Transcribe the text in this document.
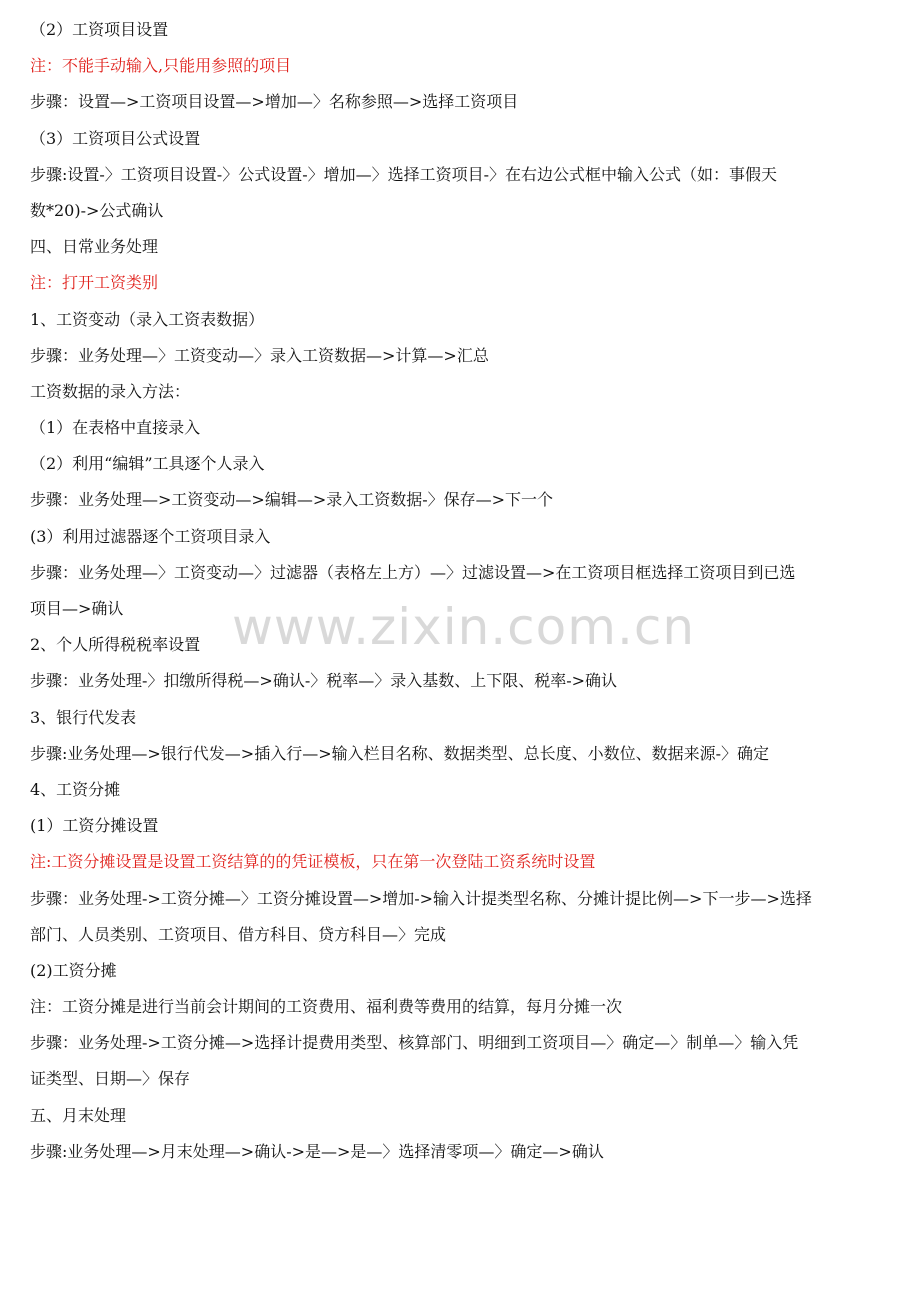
（2）工资项目设置
注：不能手动输入,只能用参照的项目
步骤：设置—>工资项目设置—>增加—〉名称参照—>选择工资项目
（3）工资项目公式设置
步骤:设置-〉工资项目设置-〉公式设置-〉增加—〉选择工资项目-〉在右边公式框中输入公式（如：事假天
数*20)->公式确认
四、日常业务处理
注：打开工资类别
1、工资变动（录入工资表数据）
步骤：业务处理—〉工资变动—〉录入工资数据—>计算—>汇总
工资数据的录入方法：
（1）在表格中直接录入
（2）利用“编辑”工具逐个人录入
步骤：业务处理—>工资变动—>编辑—>录入工资数据-〉保存—>下一个
(3）利用过滤器逐个工资项目录入
步骤：业务处理—〉工资变动—〉过滤器（表格左上方）—〉过滤设置—>在工资项目框选择工资项目到已选
项目—>确认
2、个人所得税税率设置
步骤：业务处理-〉扣缴所得税—>确认-〉税率—〉录入基数、上下限、税率->确认
3、银行代发表
步骤:业务处理—>银行代发—>插入行—>输入栏目名称、数据类型、总长度、小数位、数据来源-〉确定
4、工资分摊
(1）工资分摊设置
注:工资分摊设置是设置工资结算的的凭证模板，只在第一次登陆工资系统时设置
步骤：业务处理->工资分摊—〉工资分摊设置—>增加->输入计提类型名称、分摊计提比例—>下一步—>选择
部门、人员类别、工资项目、借方科目、贷方科目—〉完成
(2)工资分摊
注：工资分摊是进行当前会计期间的工资费用、福利费等费用的结算，每月分摊一次
步骤：业务处理->工资分摊—>选择计提费用类型、核算部门、明细到工资项目—〉确定—〉制单—〉输入凭
证类型、日期—〉保存
五、月末处理
步骤:业务处理—>月末处理—>确认->是—>是—〉选择清零项—〉确定—>确认
www.zixin.com.cn
